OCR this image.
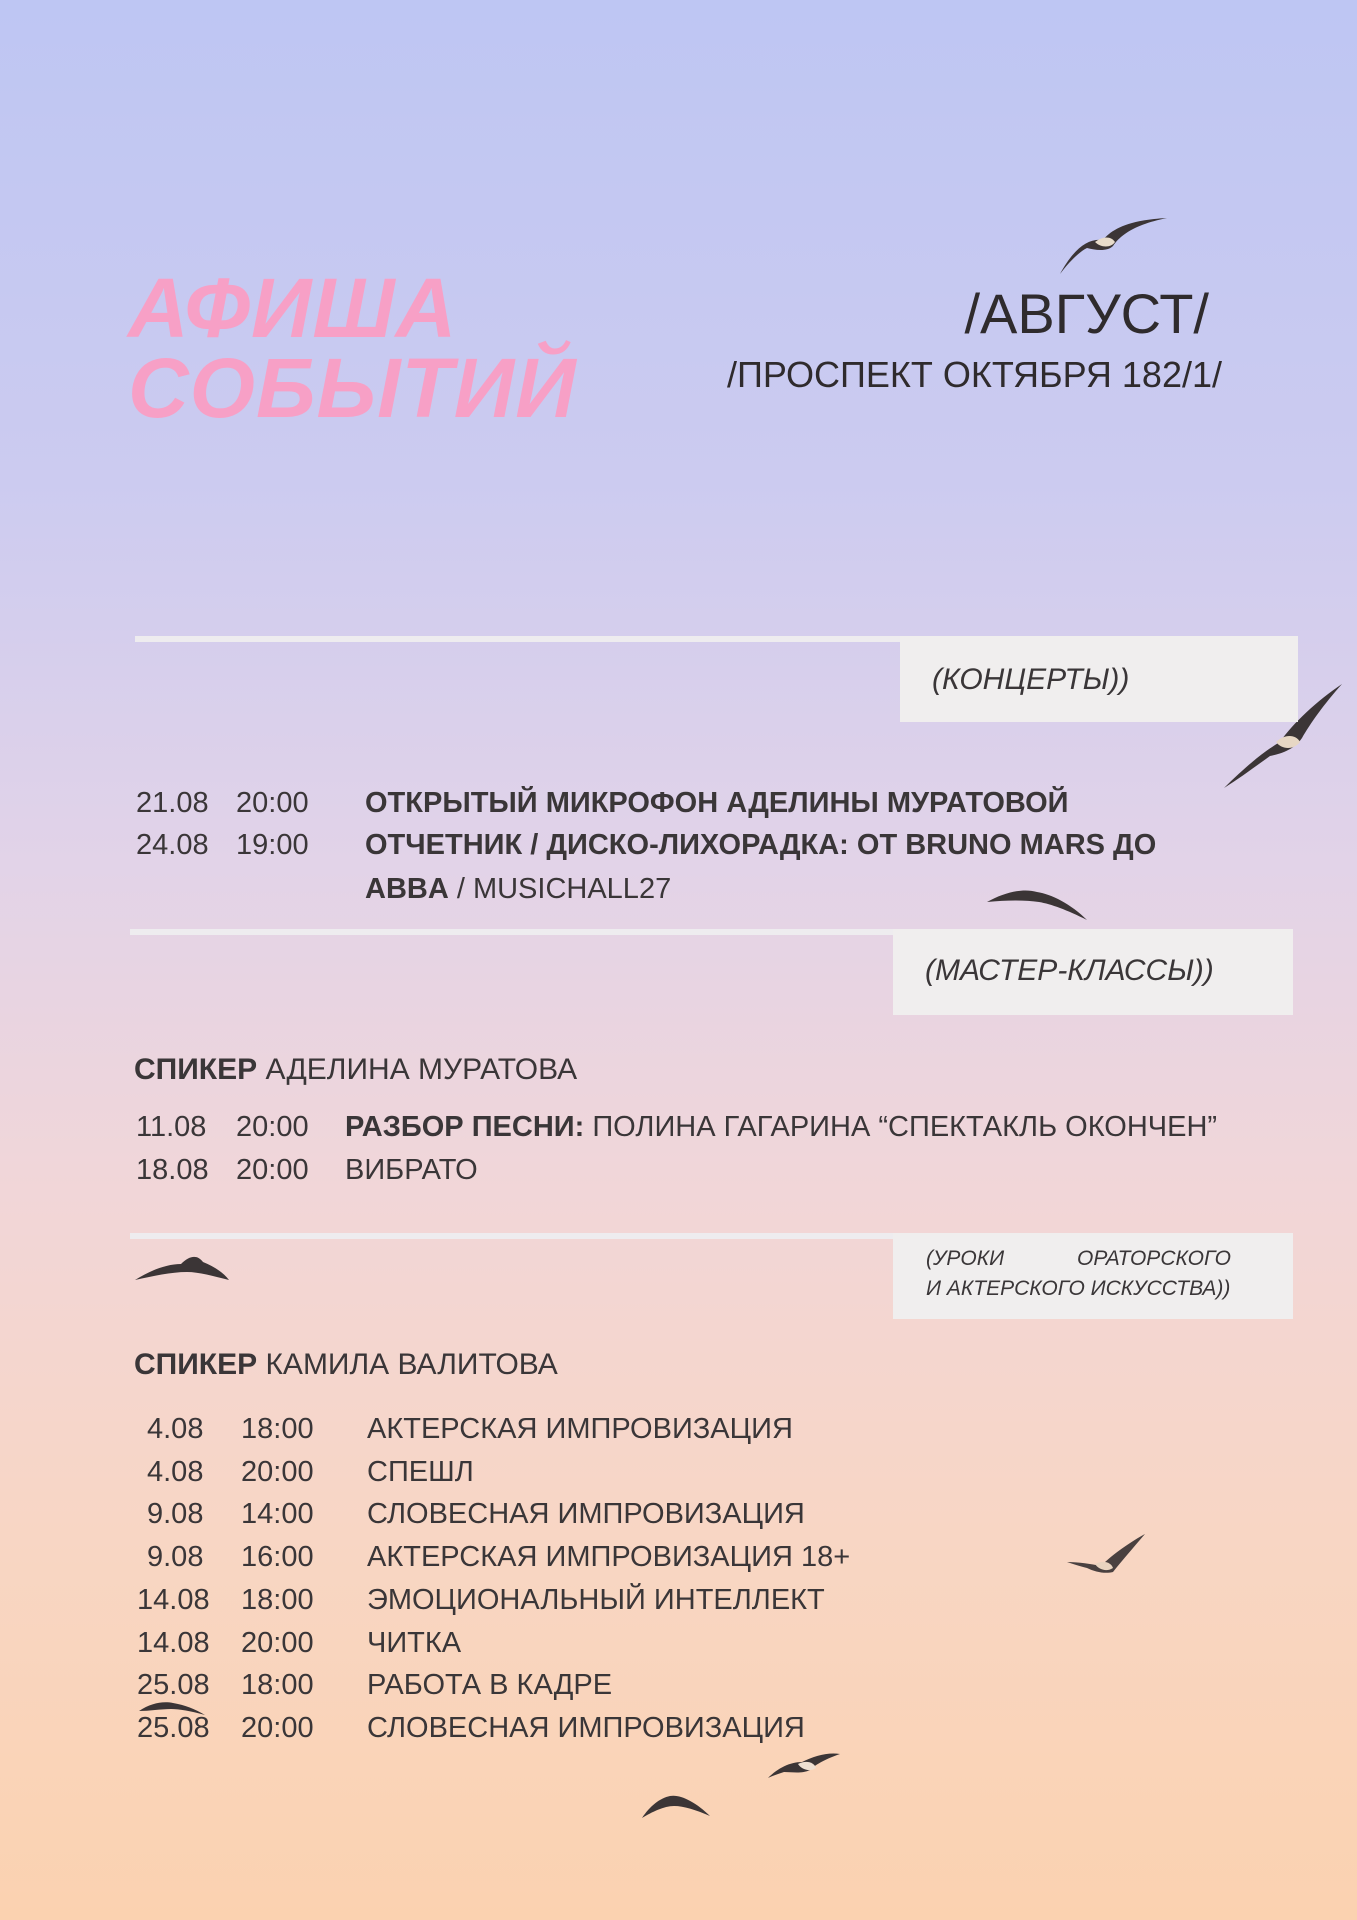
АФИША
СОБЫТИЙ
/АВГУСТ/
/ПРОСПЕКТ ОКТЯБРЯ 182/1/
(КОНЦЕРТЫ))
21.08 20:00 ОТКРЫТЫЙ МИКРОФОН АДЕЛИНЫ МУРАТОВОЙ
24.08 19:00 ОТЧЕТНИК / ДИСКО-ЛИХОРАДКА: ОТ BRUNO MARS ДО
ABBA / MUSICHALL27
(МАСТЕР-КЛАССЫ))
СПИКЕР АДЕЛИНА МУРАТОВА
11.08 20:00 РАЗБОР ПЕСНИ: ПОЛИНА ГАГАРИНА “СПЕКТАКЛЬ ОКОНЧЕН”
18.08 20:00 ВИБРАТО
(УРОКИ	ОРАТОРСКОГО
И АКТЕРСКОГО ИСКУССТВА))
СПИКЕР КАМИЛА ВАЛИТОВА
4.08 18:00 АКТЕРСКАЯ ИМПРОВИЗАЦИЯ
4.08 20:00 СПЕШЛ
9.08 14:00 СЛОВЕСНАЯ ИМПРОВИЗАЦИЯ
9.08 16:00 АКТЕРСКАЯ ИМПРОВИЗАЦИЯ 18+
14.08 18:00 ЭМОЦИОНАЛЬНЫЙ ИНТЕЛЛЕКТ
14.08 20:00 ЧИТКА
25.08 18:00 РАБОТА В КАДРЕ
25.08 20:00 СЛОВЕСНАЯ ИМПРОВИЗАЦИЯ
